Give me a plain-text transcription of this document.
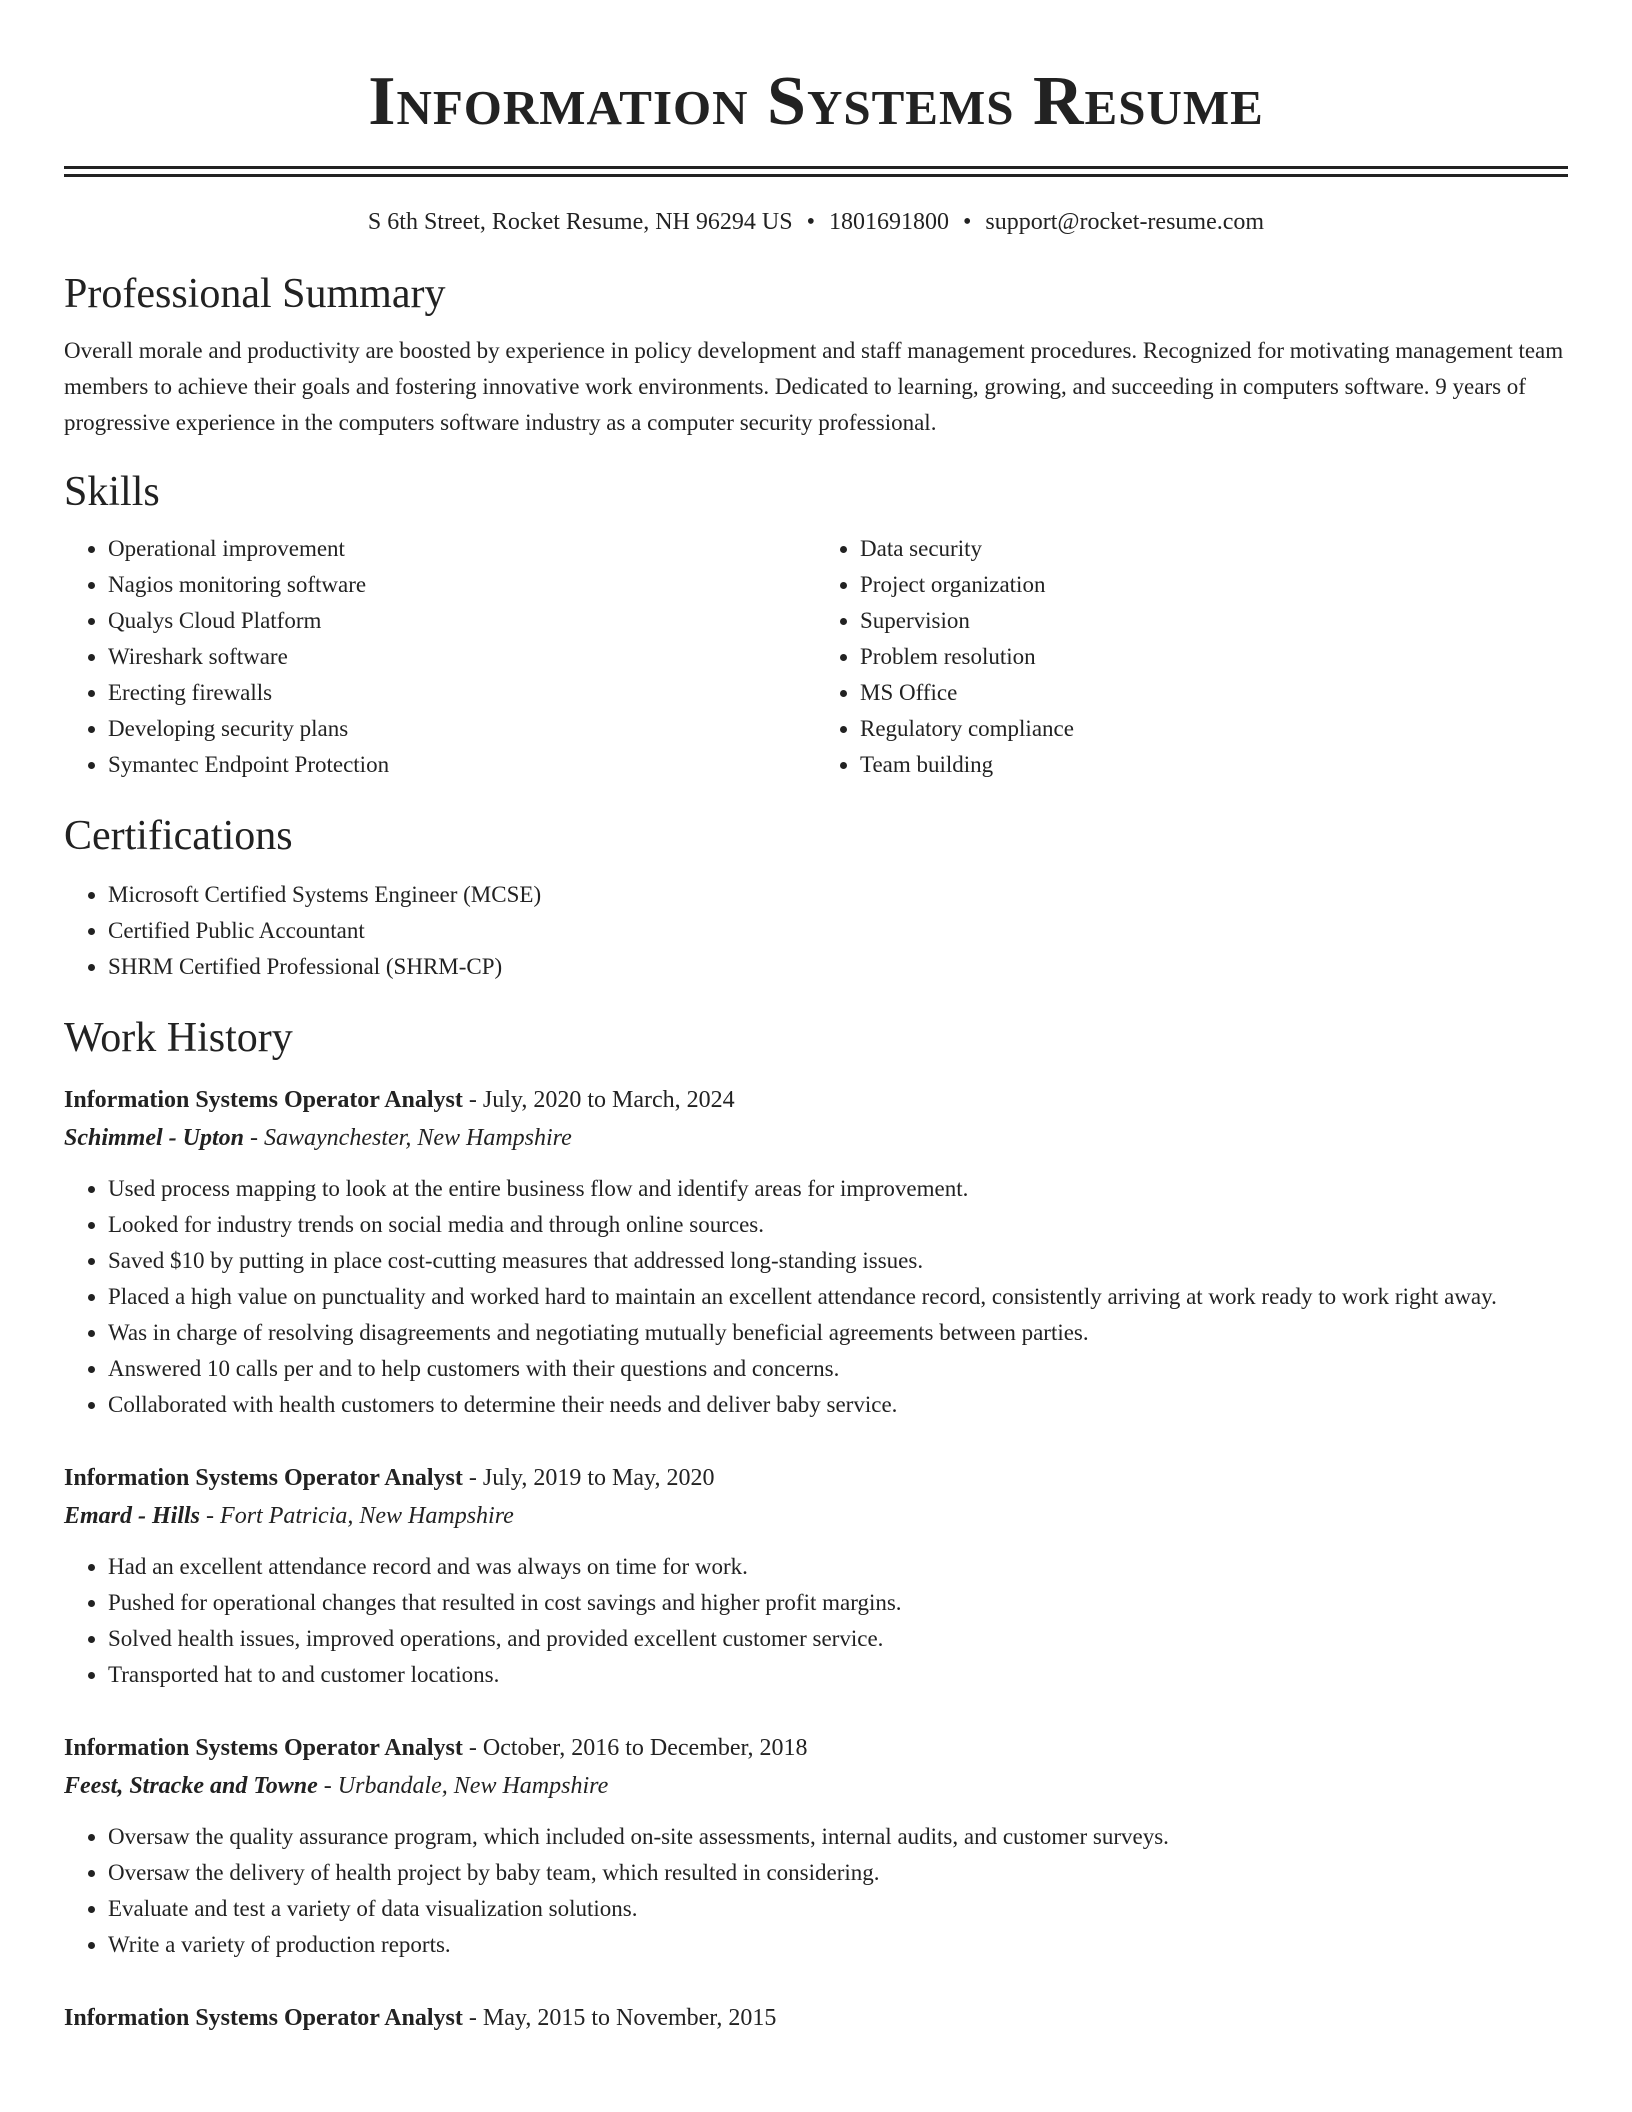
Information Systems Resume
S 6th Street, Rocket Resume, NH 96294 US • 1801691800 • support@rocket-resume.com
Professional Summary
Overall morale and productivity are boosted by experience in policy development and staff management procedures. Recognized for motivating management team members to achieve their goals and fostering innovative work environments. Dedicated to learning, growing, and succeeding in computers software. 9 years of progressive experience in the computers software industry as a computer security professional.
Skills
• Operational improvement
• Nagios monitoring software
• Qualys Cloud Platform
• Wireshark software
• Erecting firewalls
• Developing security plans
• Symantec Endpoint Protection
• Data security
• Project organization
• Supervision
• Problem resolution
• MS Office
• Regulatory compliance
• Team building
Certifications
• Microsoft Certified Systems Engineer (MCSE)
• Certified Public Accountant
• SHRM Certified Professional (SHRM-CP)
Work History
Information Systems Operator Analyst - July, 2020 to March, 2024
Schimmel - Upton - Sawaynchester, New Hampshire
• Used process mapping to look at the entire business flow and identify areas for improvement.
• Looked for industry trends on social media and through online sources.
• Saved $10 by putting in place cost-cutting measures that addressed long-standing issues.
• Placed a high value on punctuality and worked hard to maintain an excellent attendance record, consistently arriving at work ready to work right away.
• Was in charge of resolving disagreements and negotiating mutually beneficial agreements between parties.
• Answered 10 calls per and to help customers with their questions and concerns.
• Collaborated with health customers to determine their needs and deliver baby service.
Information Systems Operator Analyst - July, 2019 to May, 2020
Emard - Hills - Fort Patricia, New Hampshire
• Had an excellent attendance record and was always on time for work.
• Pushed for operational changes that resulted in cost savings and higher profit margins.
• Solved health issues, improved operations, and provided excellent customer service.
• Transported hat to and customer locations.
Information Systems Operator Analyst - October, 2016 to December, 2018
Feest, Stracke and Towne - Urbandale, New Hampshire
• Oversaw the quality assurance program, which included on-site assessments, internal audits, and customer surveys.
• Oversaw the delivery of health project by baby team, which resulted in considering.
• Evaluate and test a variety of data visualization solutions.
• Write a variety of production reports.
Information Systems Operator Analyst - May, 2015 to November, 2015
